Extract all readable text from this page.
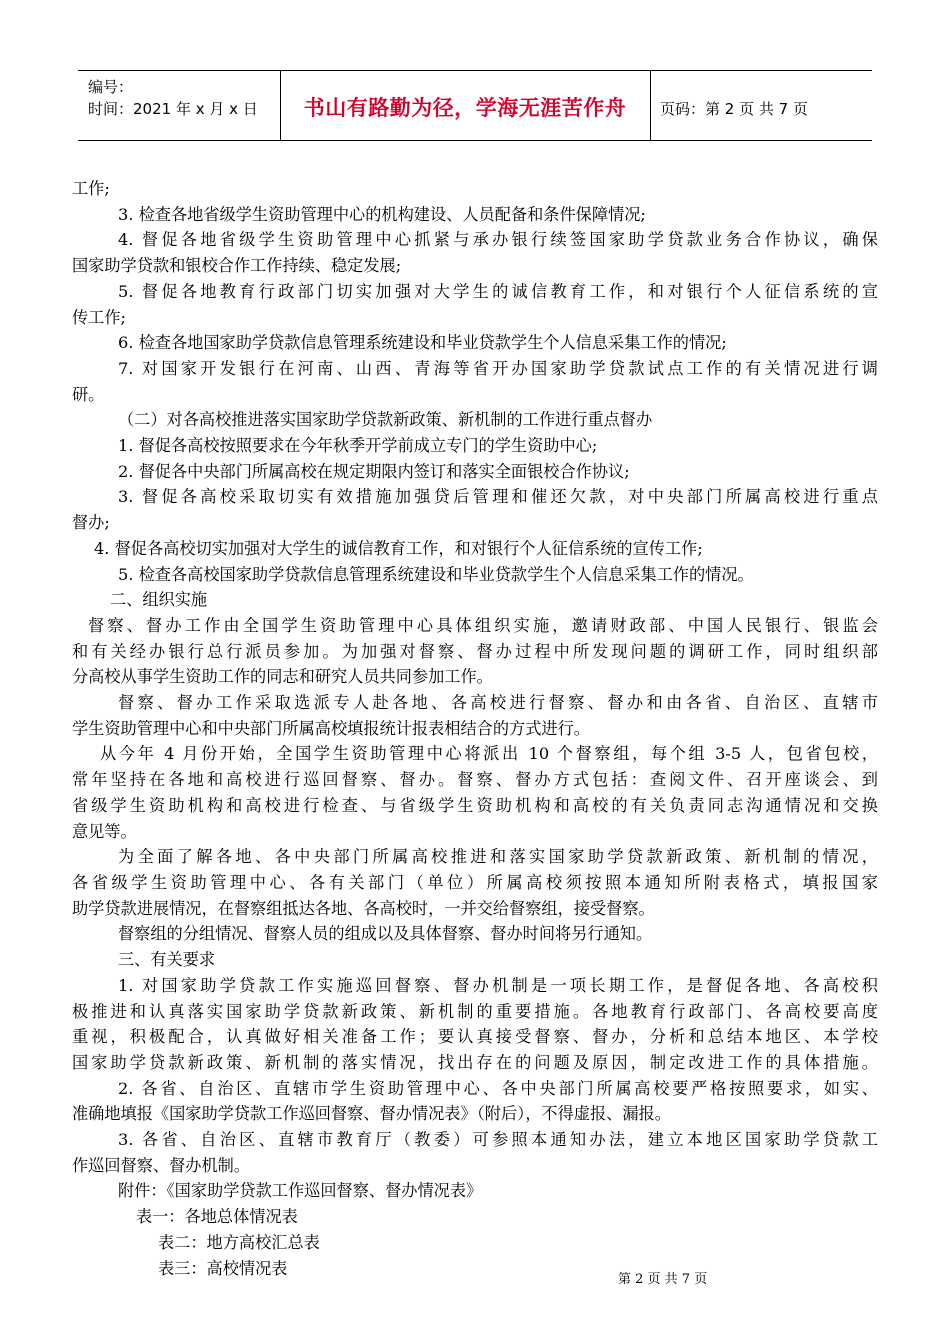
编号：
时间：2021 年 x 月 x 日	书山有路勤为径，学海无涯苦作舟	页码：第 2 页 共 7 页
工作;
3. 检查各地省级学生资助管理中心的机构建设、人员配备和条件保障情况;
4. 督促各地省级学生资助管理中心抓紧与承办银行续签国家助学贷款业务合作协议，确保
国家助学贷款和银校合作工作持续、稳定发展;
5. 督促各地教育行政部门切实加强对大学生的诚信教育工作，和对银行个人征信系统的宣
传工作;
6. 检查各地国家助学贷款信息管理系统建设和毕业贷款学生个人信息采集工作的情况;
7. 对国家开发银行在河南、山西、青海等省开办国家助学贷款试点工作的有关情况进行调
研。
（二）对各高校推进落实国家助学贷款新政策、新机制的工作进行重点督办
1. 督促各高校按照要求在今年秋季开学前成立专门的学生资助中心;
2. 督促各中央部门所属高校在规定期限内签订和落实全面银校合作协议;
3. 督促各高校采取切实有效措施加强贷后管理和催还欠款，对中央部门所属高校进行重点
督办;
4. 督促各高校切实加强对大学生的诚信教育工作，和对银行个人征信系统的宣传工作;
5. 检查各高校国家助学贷款信息管理系统建设和毕业贷款学生个人信息采集工作的情况。
二、组织实施
督察、督办工作由全国学生资助管理中心具体组织实施，邀请财政部、中国人民银行、银监会
和有关经办银行总行派员参加。为加强对督察、督办过程中所发现问题的调研工作，同时组织部
分高校从事学生资助工作的同志和研究人员共同参加工作。
督察、督办工作采取选派专人赴各地、各高校进行督察、督办和由各省、自治区、直辖市
学生资助管理中心和中央部门所属高校填报统计报表相结合的方式进行。
从今年 4 月份开始，全国学生资助管理中心将派出 10 个督察组，每个组 3-5 人，包省包校，
常年坚持在各地和高校进行巡回督察、督办。督察、督办方式包括：查阅文件、召开座谈会、到
省级学生资助机构和高校进行检查、与省级学生资助机构和高校的有关负责同志沟通情况和交换
意见等。
为全面了解各地、各中央部门所属高校推进和落实国家助学贷款新政策、新机制的情况，
各省级学生资助管理中心、各有关部门（单位）所属高校须按照本通知所附表格式，填报国家
助学贷款进展情况，在督察组抵达各地、各高校时，一并交给督察组，接受督察。
督察组的分组情况、督察人员的组成以及具体督察、督办时间将另行通知。
三、有关要求
1. 对国家助学贷款工作实施巡回督察、督办机制是一项长期工作，是督促各地、各高校积
极推进和认真落实国家助学贷款新政策、新机制的重要措施。各地教育行政部门、各高校要高度
重视，积极配合，认真做好相关准备工作；要认真接受督察、督办，分析和总结本地区、本学校
国家助学贷款新政策、新机制的落实情况，找出存在的问题及原因，制定改进工作的具体措施。
2. 各省、自治区、直辖市学生资助管理中心、各中央部门所属高校要严格按照要求，如实、
准确地填报《国家助学贷款工作巡回督察、督办情况表》（附后），不得虚报、漏报。
3. 各省、自治区、直辖市教育厅（教委）可参照本通知办法，建立本地区国家助学贷款工
作巡回督察、督办机制。
附件：《国家助学贷款工作巡回督察、督办情况表》
表一：各地总体情况表
表二：地方高校汇总表
表三：高校情况表
第 2 页 共 7 页
